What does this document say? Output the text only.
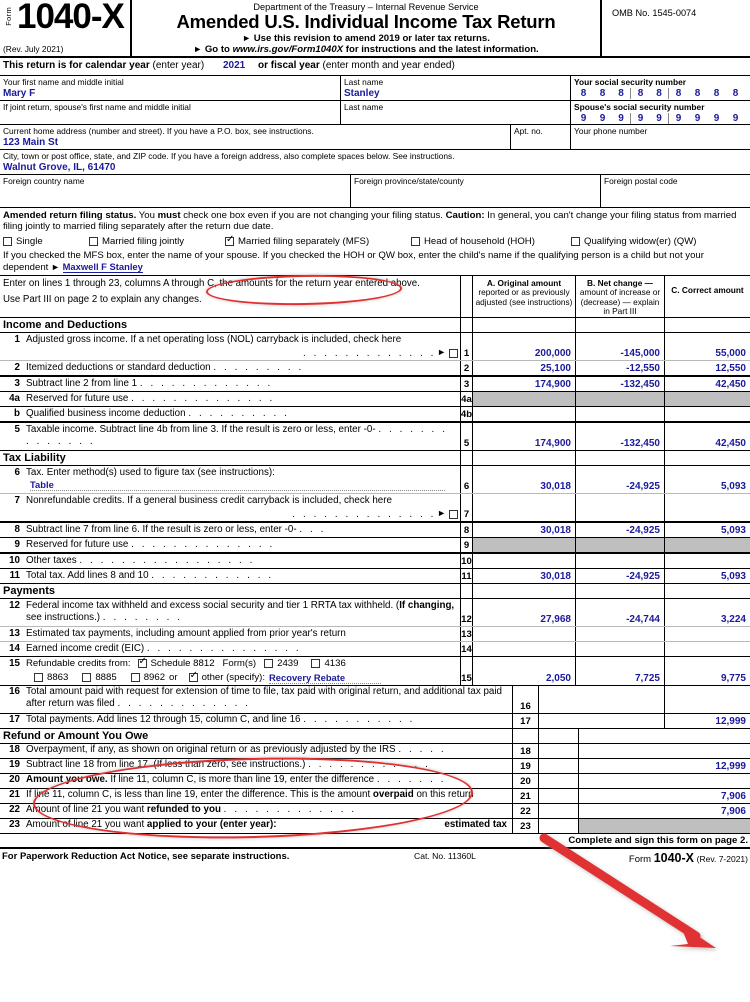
Form 1040-X
(Rev. July 2021)
Department of the Treasury – Internal Revenue Service
Amended U.S. Individual Income Tax Return
► Use this revision to amend 2019 or later tax returns.
► Go to www.irs.gov/Form1040X for instructions and the latest information.
OMB No. 1545-0074
This return is for calendar year (enter year) 2021 or fiscal year (enter month and year ended)
Your first name and middle initial
Mary F
Last name
Stanley
Your social security number
8	8	8	8	8	8	8	8	8
If joint return, spouse's first name and middle initial	Last name	Spouse's social security number
9	9	9	9	9	9	9	9	9
Current home address (number and street). If you have a P.O. box, see instructions.
123 Main St
Apt. no.	Your phone number
City, town or post office, state, and ZIP code. If you have a foreign address, also complete spaces below. See instructions.
Walnut Grove, IL, 61470
Foreign country name	Foreign province/state/county	Foreign postal code
Amended return filing status. You must check one box even if you are not changing your filing status. Caution: In general, you can't change your filing status from married filing jointly to married filing separately after the return due date.
Single	Married filing jointly ✓	Married filing separately (MFS)	Head of household (HOH)	Qualifying widow(er) (QW)
If you checked the MFS box, enter the name of your spouse. If you checked the HOH or QW box, enter the child's name if the qualifying person is a child but not your dependent ► Maxwell F Stanley
Enter on lines 1 through 23, columns A through C, the amounts for the return year entered above.
Use Part III on page 2 to explain any changes.
A. Original amount reported or as previously adjusted (see instructions)
B. Net change — amount of increase or (decrease) — explain in Part III
C. Correct amount
Income and Deductions
1 Adjusted gross income. If a net operating loss (NOL) carryback is included, check here
. . . . . . . . . . . . . ►	1	200,000	-145,000	55,000
2 Itemized deductions or standard deduction . . . . . . . . .	2	25,100	-12,550	12,550
3 Subtract line 2 from line 1 . . . . . . . . . . . . .	3	174,900	-132,450	42,450
4a Reserved for future use . . . . . . . . . . . . . .	4a
b Qualified business income deduction . . . . . . . . . .	4b
5 Taxable income. Subtract line 4b from line 3. If the result is zero or less, enter -0- . . . . . . . . . . . . . .	5	174,900	-132,450	42,450
Tax Liability
6 Tax. Enter method(s) used to figure tax (see instructions):
Table	6	30,018	-24,925	5,093
7 Nonrefundable credits. If a general business credit carryback is included, check here
. . . . . . . . . . . . . . ►	7
8 Subtract line 7 from line 6. If the result is zero or less, enter -0- . . .	8	30,018	-24,925	5,093
9 Reserved for future use . . . . . . . . . . . . . .	9
10 Other taxes . . . . . . . . . . . . . . . . .	10
11 Total tax. Add lines 8 and 10 . . . . . . . . . . . .	11	30,018	-24,925	5,093
Payments
12 Federal income tax withheld and excess social security and tier 1 RRTA tax withheld. (If changing, see instructions.) . . . . . . . .	12	27,968	-24,744	3,224
13 Estimated tax payments, including amount applied from prior year's return	13
14 Earned income credit (EIC) . . . . . . . . . . . . . . .	14
15 Refundable credits from: ✓ Schedule 8812 Form(s) 2439	4136
8863	8885	8962 or ✓	other (specify): Recovery Rebate	15	2,050	7,725	9,775
16 Total amount paid with request for extension of time to file, tax paid with original return, and additional tax paid after return was filed . . . . . . . . . . . . .	16
17 Total payments. Add lines 12 through 15, column C, and line 16 . . . . . . . . . . .	17	12,999
Refund or Amount You Owe
18 Overpayment, if any, as shown on original return or as previously adjusted by the IRS . . . . .	18
19 Subtract line 18 from line 17. (If less than zero, see instructions.) . . . . . . . . . . . .	19	12,999
20 Amount you owe. If line 11, column C, is more than line 19, enter the difference . . . . . . .	20
21 If line 11, column C, is less than line 19, enter the difference. This is the amount overpaid on this return	21	7,906
22 Amount of line 21 you want refunded to you . . . . . . . . . . . . .	22	7,906
23 Amount of line 21 you want applied to your (enter year):	estimated tax	23
Complete and sign this form on page 2.
For Paperwork Reduction Act Notice, see separate instructions.	Cat. No. 11360L	Form 1040-X (Rev. 7-2021)
